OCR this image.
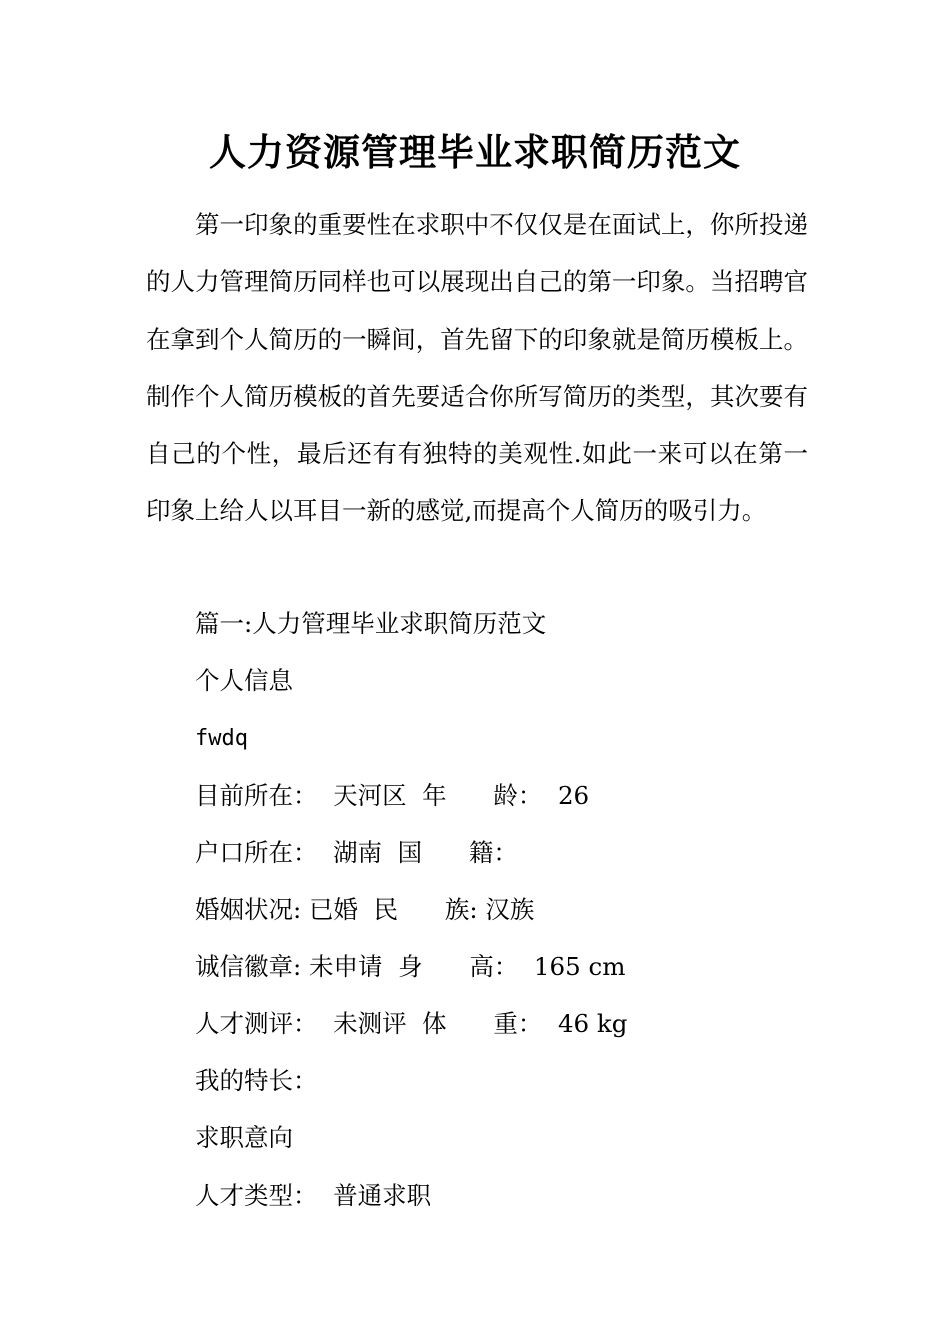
人力资源管理毕业求职简历范文

第一印象的重要性在求职中不仅仅是在面试上，你所投递的人力管理简历同样也可以展现出自己的第一印象。当招聘官在拿到个人简历的一瞬间，首先留下的印象就是简历模板上。制作个人简历模板的首先要适合你所写简历的类型，其次要有自己的个性，最后还有有独特的美观性.如此一来可以在第一印象上给人以耳目一新的感觉,而提高个人简历的吸引力。

篇一:人力管理毕业求职简历范文

个人信息

fwdq

目前所在：  天河区  年      龄：  26

户口所在：  湖南  国      籍：

婚姻状况: 已婚  民      族: 汉族

诚信徽章: 未申请  身      高：  165 cm

人才测评：  未测评  体      重：  46 kg

我的特长：

求职意向

人才类型：  普通求职
